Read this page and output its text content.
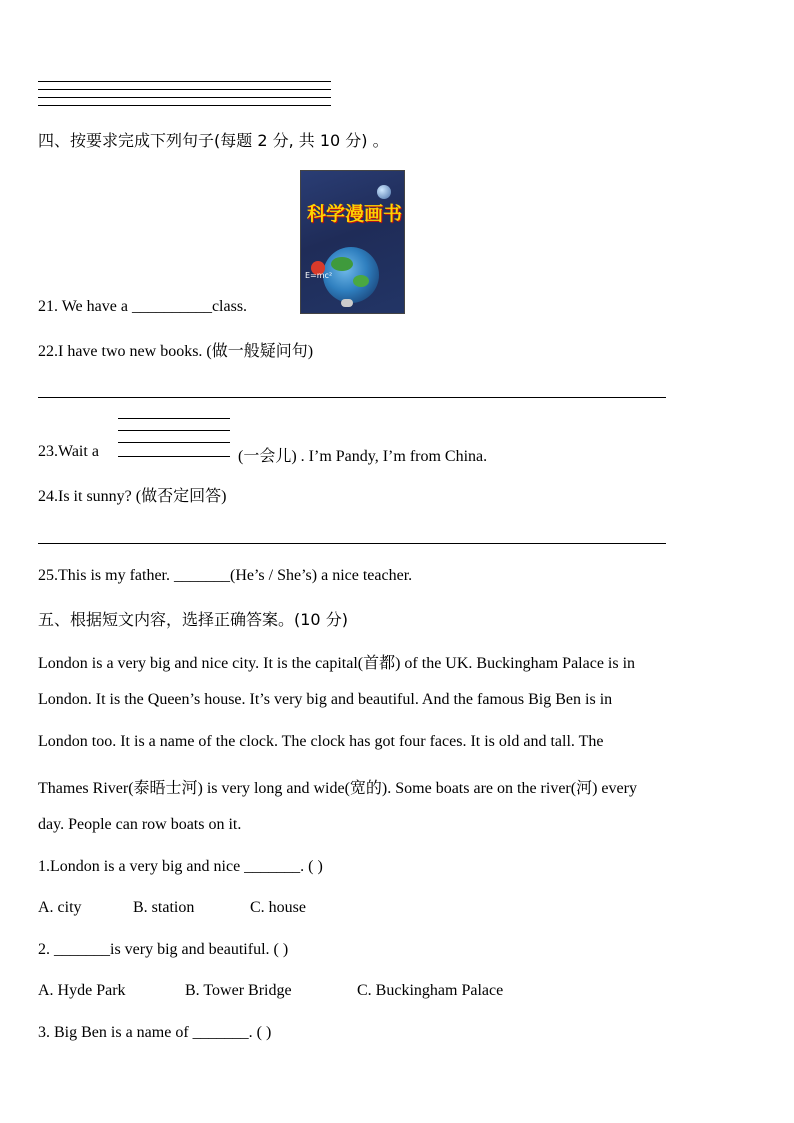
四、按要求完成下列句子(每题 2 分, 共 10 分) 。
科学漫画书
E=mc²
21. We have a __________class.
22.I have two new books. (做一般疑问句)
23.Wait a	(一会儿) . I’m Pandy, I’m from China.
24.Is it sunny? (做否定回答)
25.This is my father. _______(He’s / She’s) a nice teacher.
五、根据短文内容，选择正确答案。(10 分)
London is a very big and nice city. It is the capital(首都) of the UK. Buckingham Palace is in
London. It is the Queen’s house. It’s very big and beautiful. And the famous Big Ben is in
London too. It is a name of the clock. The clock has got four faces. It is old and tall. The
Thames River(泰晤士河) is very long and wide(宽的). Some boats are on the river(河) every
day. People can row boats on it.
1.London is a very big and nice _______. ( )
A. city	B. station	C. house
2. _______is very big and beautiful. ( )
A. Hyde Park	B. Tower Bridge	C. Buckingham Palace
3. Big Ben is a name of _______. ( )
